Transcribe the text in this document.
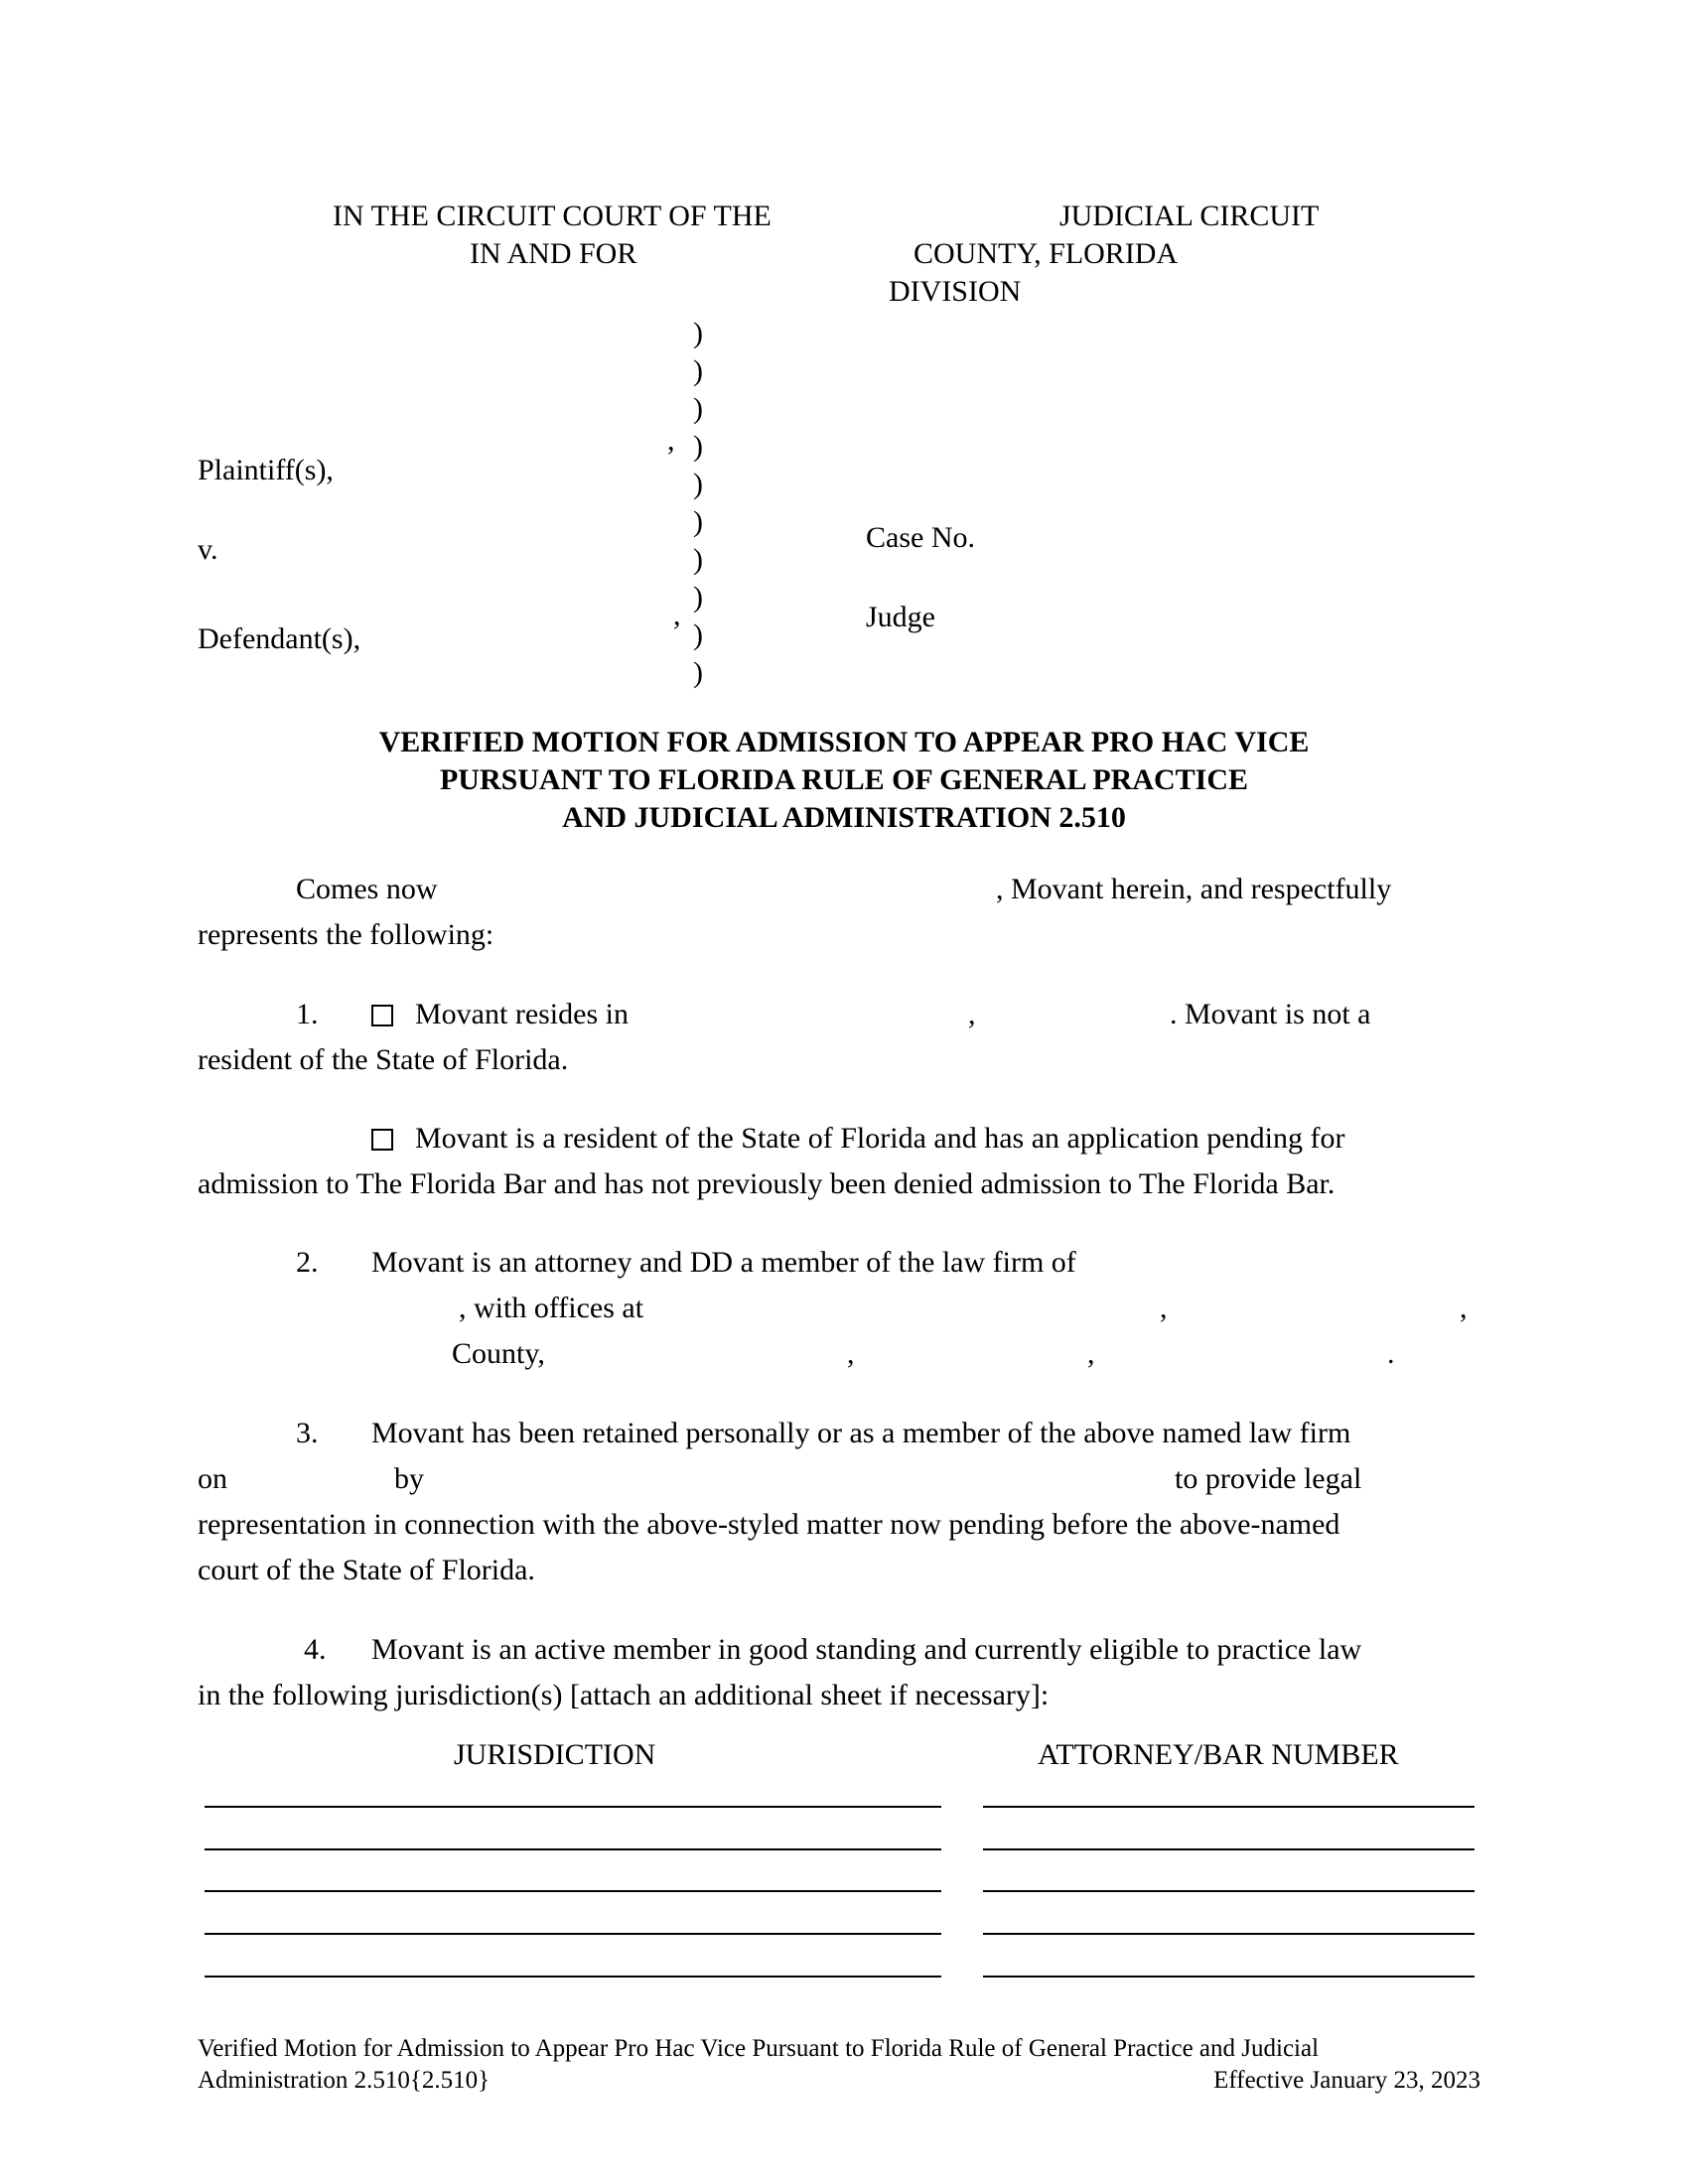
IN THE CIRCUIT COURT OF THE	JUDICIAL CIRCUIT
IN AND FOR	COUNTY, FLORIDA
DIVISION
)
)
)
)
)
)
)
)
)
)
,
,
Plaintiff(s),
v.
Defendant(s),
Case No.
Judge
VERIFIED MOTION FOR ADMISSION TO APPEAR PRO HAC VICE
PURSUANT TO FLORIDA RULE OF GENERAL PRACTICE
AND JUDICIAL ADMINISTRATION 2.510
Comes now	, Movant herein, and respectfully
represents the following:
1.	Movant resides in	,	. Movant is not a
resident of the State of Florida.
Movant is a resident of the State of Florida and has an application pending for
admission to The Florida Bar and has not previously been denied admission to The Florida Bar.
2. Movant is an attorney and DD a member of the law firm of
, with offices at	,	,
County,	,	,	.
3. Movant has been retained personally or as a member of the above named law firm
on	by	to provide legal
representation in connection with the above-styled matter now pending before the above-named
court of the State of Florida.
4. Movant is an active member in good standing and currently eligible to practice law
in the following jurisdiction(s) [attach an additional sheet if necessary]:
JURISDICTION	ATTORNEY/BAR NUMBER
Verified Motion for Admission to Appear Pro Hac Vice Pursuant to Florida Rule of General Practice and Judicial
Administration 2.510{2.510}	Effective January 23, 2023
